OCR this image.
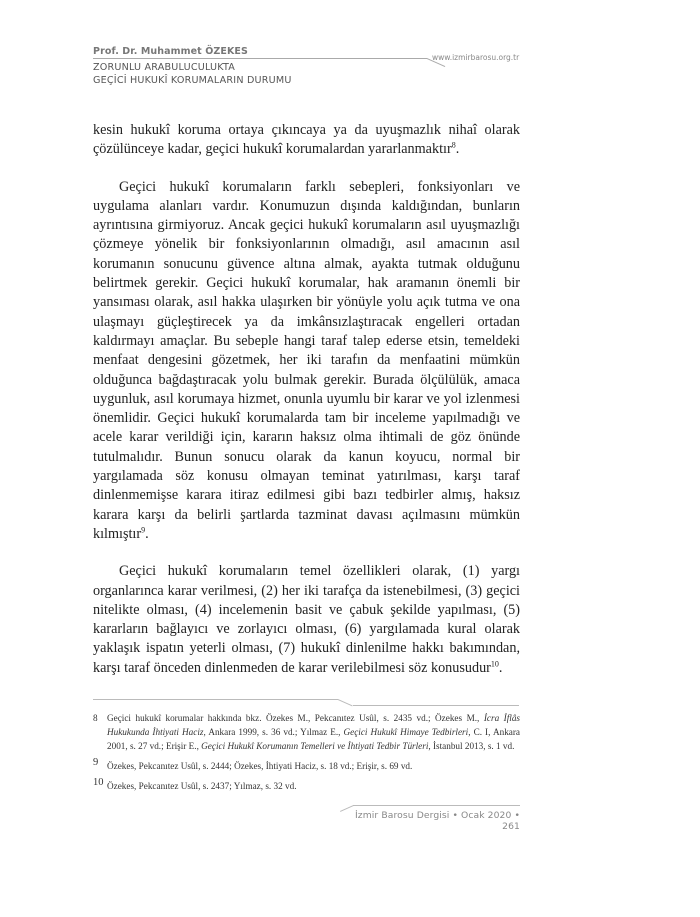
Prof. Dr. Muhammet ÖZEKES
www.izmirbarosu.org.tr
ZORUNLU ARABULUCULUKTA
GEÇİCİ HUKUKÎ KORUMALARIN DURUMU

kesin hukukî koruma ortaya çıkıncaya ya da uyuşmazlık nihaî olarak çözülünceye kadar, geçici hukukî korumalardan yararlanmaktır$^8$.

Geçici hukukî korumaların farklı sebepleri, fonksiyonları ve uygulama alanları vardır. Konumuzun dışında kaldığından, bunların ayrıntısına girmiyoruz. Ancak geçici hukukî korumaların asıl uyuşmazlığı çözmeye yönelik bir fonksiyonlarının olmadığı, asıl amacının asıl korumanın sonucunu güvence altına almak, ayakta tutmak olduğunu belirtmek gerekir. Geçici hukukî korumalar, hak aramanın önemli bir yansıması olarak, asıl hakka ulaşırken bir yönüyle yolu açık tutma ve ona ulaşmayı güçleştirecek ya da imkânsızlaştıracak engelleri ortadan kaldırmayı amaçlar. Bu sebeple hangi taraf talep ederse etsin, temeldeki menfaat dengesini gözetmek, her iki tarafın da menfaatini mümkün olduğunca bağdaştıracak yolu bulmak gerekir. Burada ölçülülük, amaca uygunluk, asıl korumaya hizmet, onunla uyumlu bir karar ve yol izlenmesi önemlidir. Geçici hukukî korumalarda tam bir inceleme yapılmadığı ve acele karar verildiği için, kararın haksız olma ihtimali de göz önünde tutulmalıdır. Bunun sonucu olarak da kanun koyucu, normal bir yargılamada söz konusu olmayan teminat yatırılması, karşı taraf dinlenmemişse karara itiraz edilmesi gibi bazı tedbirler almış, haksız karara karşı da belirli şartlarda tazminat davası açılmasını mümkün kılmıştır$^9$.

Geçici hukukî korumaların temel özellikleri olarak, (1) yargı organlarınca karar verilmesi, (2) her iki tarafça da istenebilmesi, (3) geçici nitelikte olması, (4) incelemenin basit ve çabuk şekilde yapılması, (5) kararların bağlayıcı ve zorlayıcı olması, (6) yargılamada kural olarak yaklaşık ispatın yeterli olması, (7) hukukî dinlenilme hakkı bakımından, karşı taraf önceden dinlenmeden de karar verilebilmesi söz konusudur$^{10}$.

8 Geçici hukukî korumalar hakkında bkz. Özekes M., Pekcanıtez Usûl, s. 2435 vd.; Özekes M., İcra İflâs Hukukunda İhtiyati Haciz, Ankara 1999, s. 36 vd.; Yılmaz E., Geçici Hukukî Himaye Tedbirleri, C. I, Ankara 2001, s. 27 vd.; Erişir E., Geçici Hukukî Korumanın Temelleri ve İhtiyati Tedbir Türleri, İstanbul 2013, s. 1 vd.
9 Özekes, Pekcanıtez Usûl, s. 2444; Özekes, İhtiyati Haciz, s. 18 vd.; Erişir, s. 69 vd.
10 Özekes, Pekcanıtez Usûl, s. 2437; Yılmaz, s. 32 vd.
İzmir Barosu Dergisi • Ocak 2020 • 261
